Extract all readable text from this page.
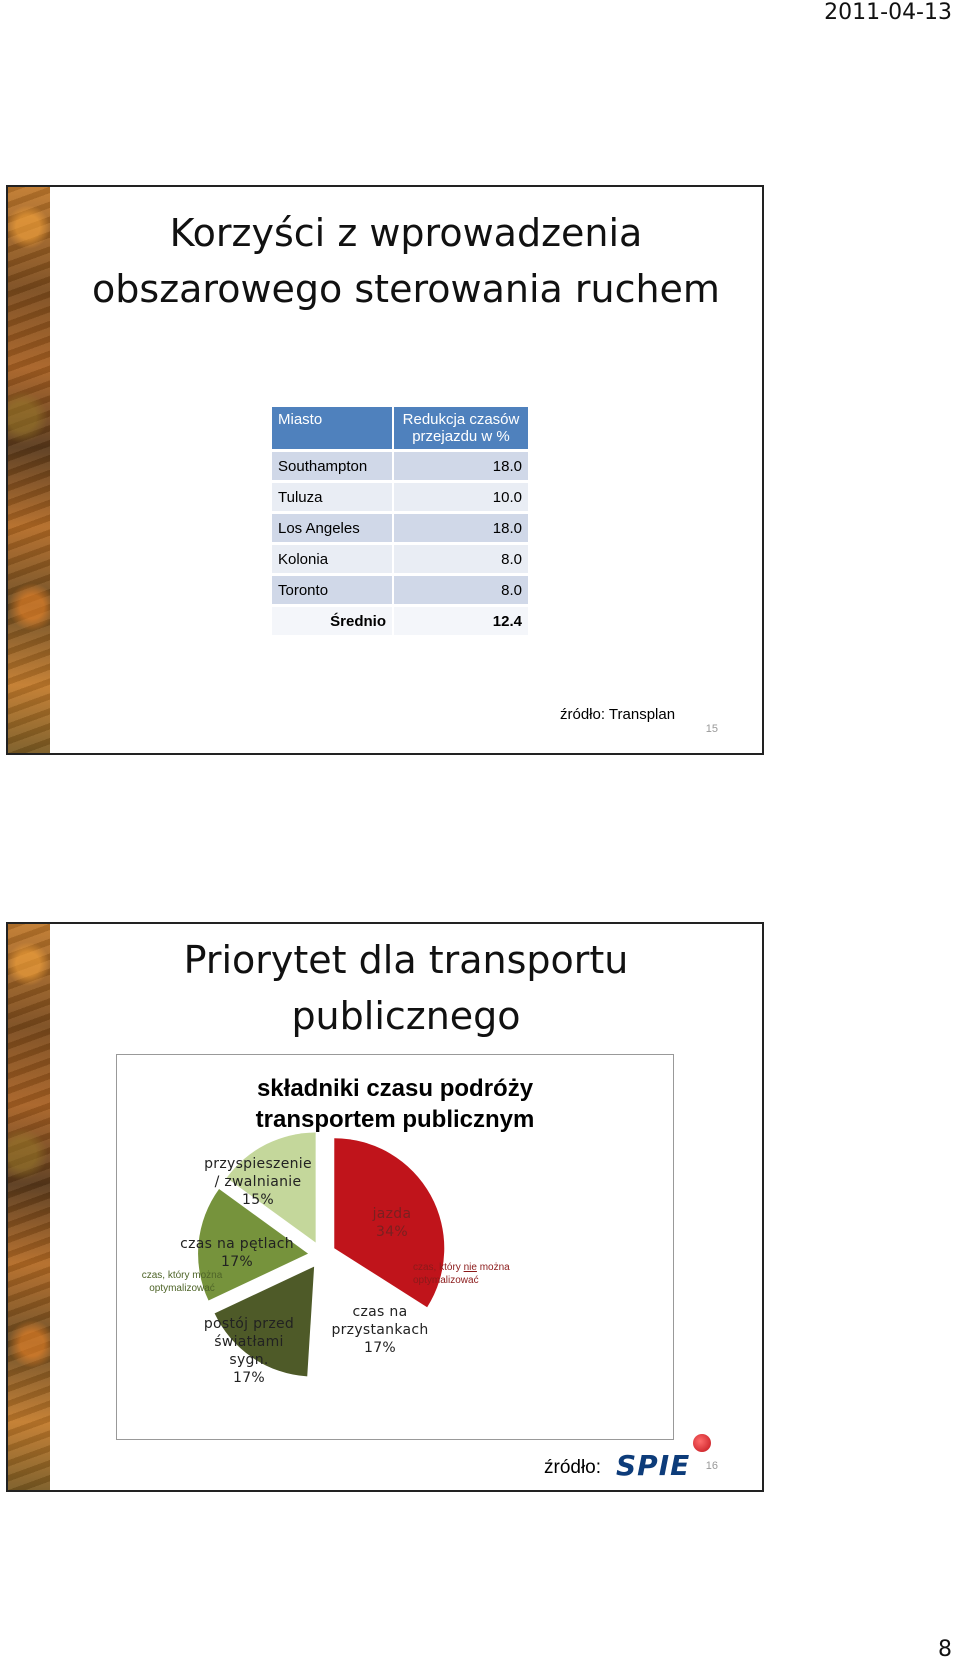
2011-04-13
Korzyści z wprowadzenia
obszarowego sterowania ruchem
Miasto	Redukcja czasów przejazdu w %
Southampton	18.0
Tuluza	10.0
Los Angeles	18.0
Kolonia	8.0
Toronto	8.0
Średnio	12.4
źródło: Transplan
15
Priorytet dla transportu
publicznego
składniki czasu podróży
transportem publicznym
jazda
34%
czas na przystankach
17%
postój przed światłami sygn.
17%
czas na pętlach
17%
przyspieszenie / zwalnianie
15%
czas, który można optymalizować
czas, który nie można optymalizować
źródło: SPIE 16
8
